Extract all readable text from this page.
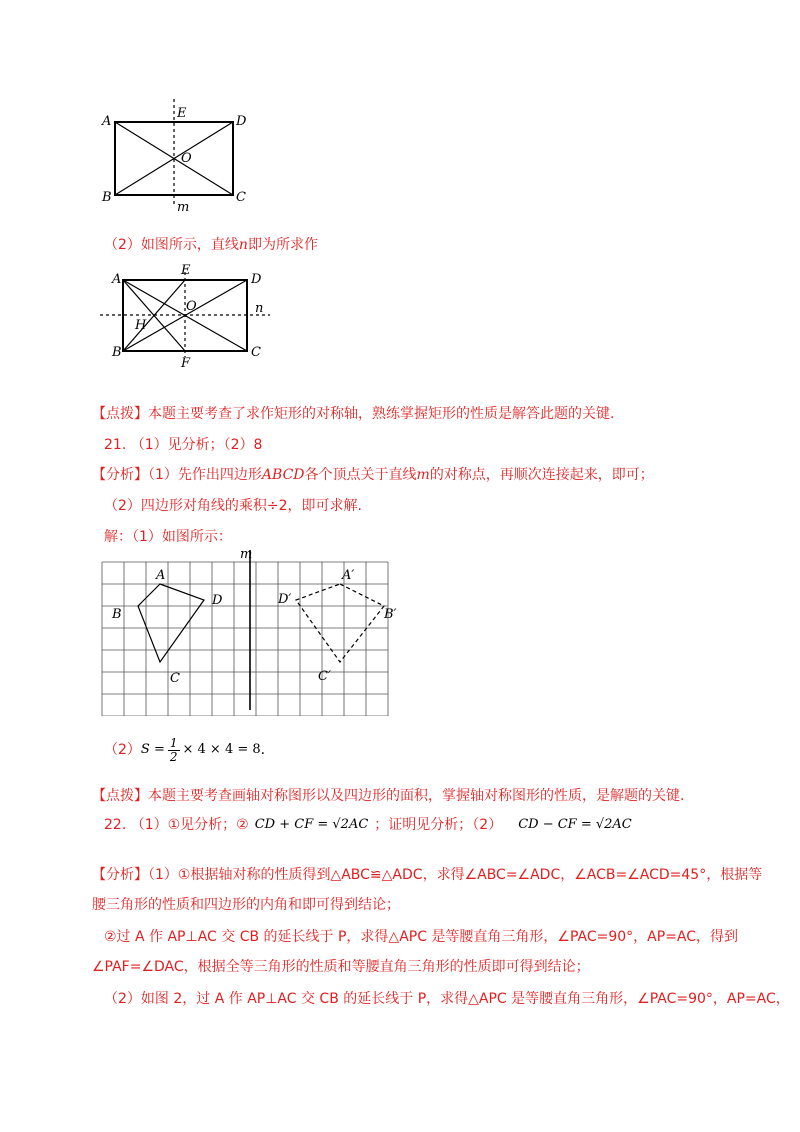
A
E
D
O
B	C
m
（2）如图所示，直线n即为所求作
A
E
D
O	n
H
B
F
C
【点拨】本题主要考查了求作矩形的对称轴，熟练掌握矩形的性质是解答此题的关键.
21. （1）见分析；（2）8
【分析】（1）先作出四边形ABCD各个顶点关于直线m的对称点，再顺次连接起来，即可；
（2）四边形对角线的乘积÷2，即可求解.
解：（1）如图所示：
m
A
B
D
C
A′
B′
D′
C′
（2） $S = \frac{1}{2} \times 4 \times 4 = 8$ .
【点拨】本题主要考查画轴对称图形以及四边形的面积，掌握轴对称图形的性质，是解题的关键.
22. （1）①见分析；② CD + CF = √2AC ；证明见分析；（2） CD − CF = √2AC
【分析】（1）①根据轴对称的性质得到△ABC≌△ADC，求得∠ABC=∠ADC，∠ACB=∠ACD=45°，根据等
腰三角形的性质和四边形的内角和即可得到结论；
②过 A 作 AP⊥AC 交 CB 的延长线于 P，求得△APC 是等腰直角三角形，∠PAC=90°，AP=AC，得到
∠PAF=∠DAC，根据全等三角形的性质和等腰直角三角形的性质即可得到结论；
（2）如图 2，过 A 作 AP⊥AC 交 CB 的延长线于 P，求得△APC 是等腰直角三角形，∠PAC=90°，AP=AC，
